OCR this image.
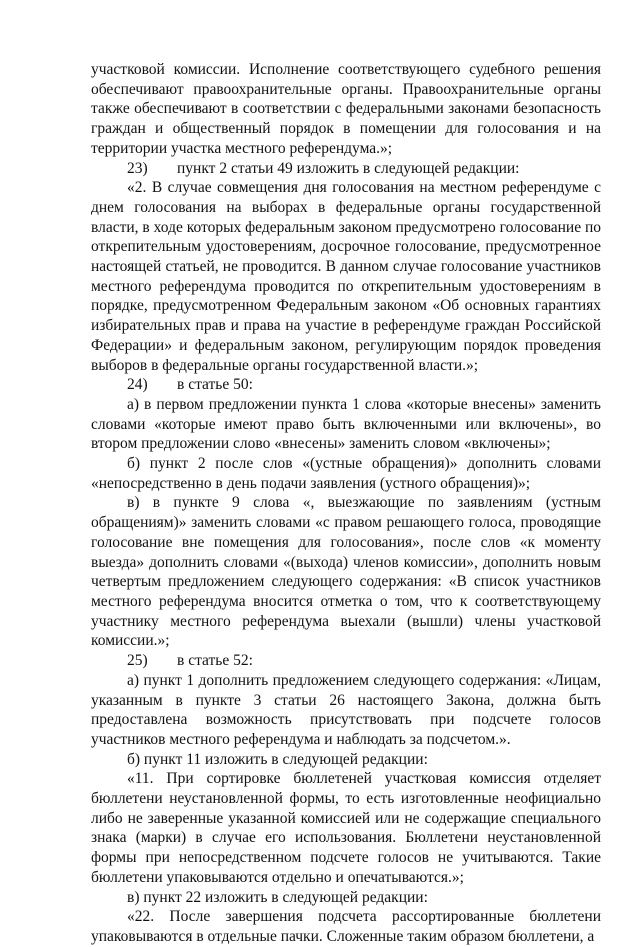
участковой комиссии. Исполнение соответствующего судебного решения обеспечивают правоохранительные органы. Правоохранительные органы также обеспечивают в соответствии с федеральными законами безопасность граждан и общественный порядок в помещении для голосования и на территории участка местного референдума.»;

23) пункт 2 статьи 49 изложить в следующей редакции:

«2. В случае совмещения дня голосования на местном референдуме с днем голосования на выборах в федеральные органы государственной власти, в ходе которых федеральным законом предусмотрено голосование по открепительным удостоверениям, досрочное голосование, предусмотренное настоящей статьей, не проводится. В данном случае голосование участников местного референдума проводится по открепительным удостоверениям в порядке, предусмотренном Федеральным законом «Об основных гарантиях избирательных прав и права на участие в референдуме граждан Российской Федерации» и федеральным законом, регулирующим порядок проведения выборов в федеральные органы государственной власти.»;

24) в статье 50:

а) в первом предложении пункта 1 слова «которые внесены» заменить словами «которые имеют право быть включенными или включены», во втором предложении слово «внесены» заменить словом «включены»;

б) пункт 2 после слов «(устные обращения)» дополнить словами «непосредственно в день подачи заявления (устного обращения)»;

в) в пункте 9 слова «, выезжающие по заявлениям (устным обращениям)» заменить словами «с правом решающего голоса, проводящие голосование вне помещения для голосования», после слов «к моменту выезда» дополнить словами «(выхода) членов комиссии», дополнить новым четвертым предложением следующего содержания: «В список участников местного референдума вносится отметка о том, что к соответствующему участнику местного референдума выехали (вышли) члены участковой комиссии.»;

25) в статье 52:

а) пункт 1 дополнить предложением следующего содержания: «Лицам, указанным в пункте 3 статьи 26 настоящего Закона, должна быть предоставлена возможность присутствовать при подсчете голосов участников местного референдума и наблюдать за подсчетом.».

б) пункт 11 изложить в следующей редакции:

«11. При сортировке бюллетеней участковая комиссия отделяет бюллетени неустановленной формы, то есть изготовленные неофициально либо не заверенные указанной комиссией или не содержащие специального знака (марки) в случае его использования. Бюллетени неустановленной формы при непосредственном подсчете голосов не учитываются. Такие бюллетени упаковываются отдельно и опечатываются.»;

в) пункт 22 изложить в следующей редакции:

«22. После завершения подсчета рассортированные бюллетени упаковываются в отдельные пачки. Сложенные таким образом бюллетени, а
